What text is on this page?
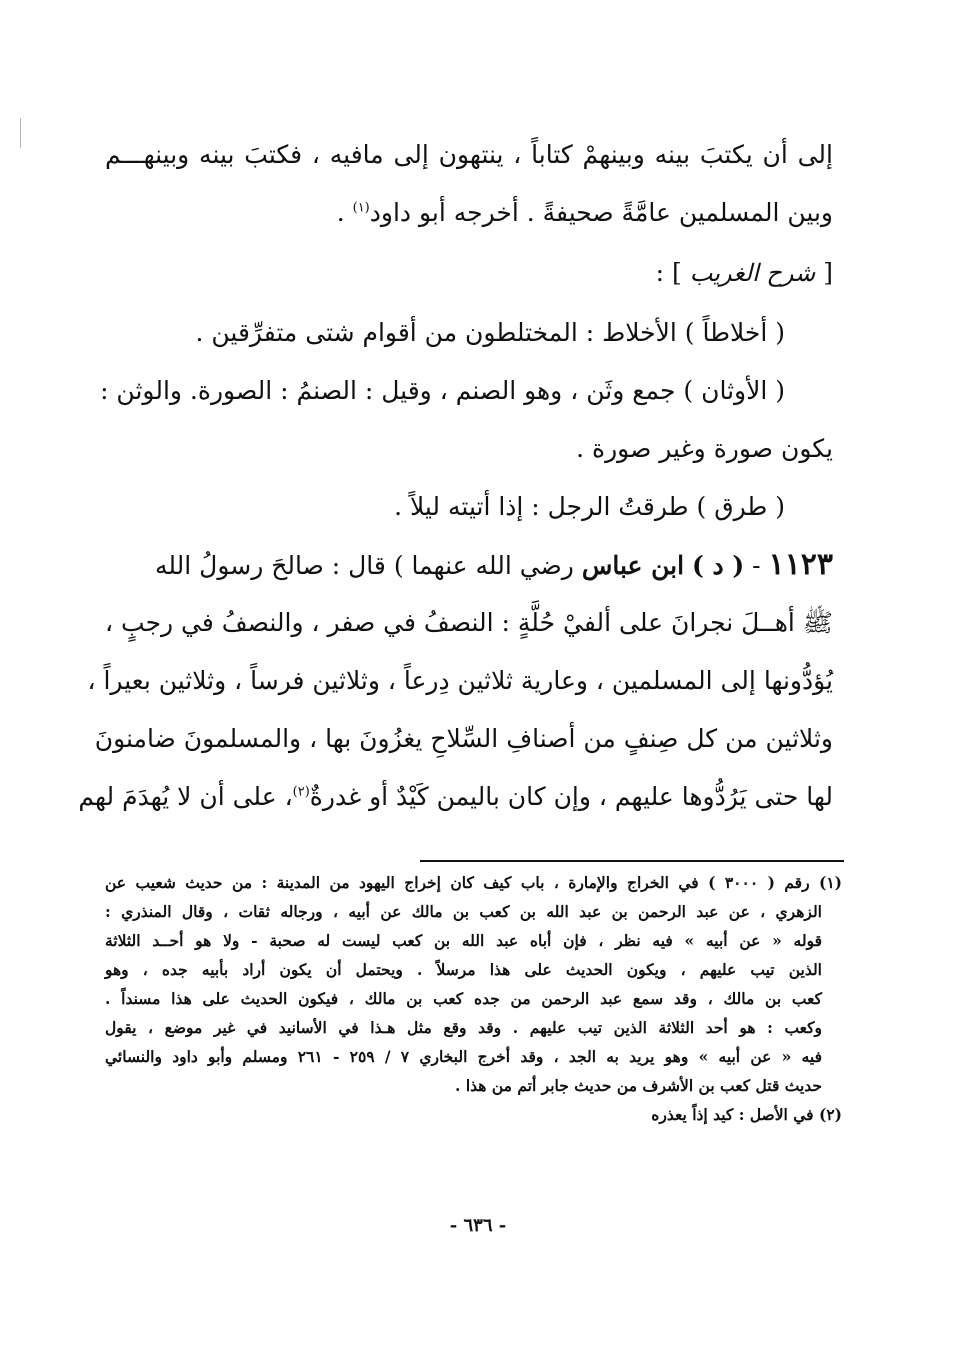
إلى أن يكتبَ بينه وبينهمْ كتاباً ، ينتهون إلى مافيه ، فكتبَ بينه وبينهـــم
وبين المسلمين عامَّةً صحيفةً . أخرجه أبو داود$^{(١)}$ .
[ شرح الغريب ] :
( أخلاطاً ) الأخلاط : المختلطون من أقوام شتى متفرِّقين .
( الأوثان ) جمع وثَن ، وهو الصنم ، وقيل : الصنمُ : الصورة. والوثن :
يكون صورة وغير صورة .
( طرق ) طرقتُ الرجل : إذا أتيته ليلاً .
١١٢٣ - ( د ) ابن عباس رضي الله عنهما ) قال : صالحَ رسولُ الله
ﷺ أهــلَ نجرانَ على ألفيْ حُلَّةٍ : النصفُ في صفر ، والنصفُ في رجبٍ ،
يُؤدُّونها إلى المسلمين ، وعارية ثلاثين دِرعاً ، وثلاثين فرساً ، وثلاثين بعيراً ،
وثلاثين من كل صِنفٍ من أصنافِ السِّلاحِ يغزُونَ بها ، والمسلمونَ ضامنونَ
لها حتى يَرُدُّوها عليهم ، وإن كان باليمن كَيْدٌ أو غدرةٌ$^{(٢)}$، على أن لا يُهدَمَ لهم
(١) رقم ( ٣٠٠٠ ) في الخراج والإمارة ، باب كيف كان إخراج اليهود من المدينة : من حديث شعيب عن
الزهري ، عن عبد الرحمن بن عبد الله بن كعب بن مالك عن أبيه ، ورجاله ثقات ، وقال المنذري :
قوله « عن أبيه » فيه نظر ، فإن أباه عبد الله بن كعب ليست له صحبة - ولا هو أحــد الثلاثة
الذين تيب عليهم ، ويكون الحديث على هذا مرسلاً . ويحتمل أن يكون أراد بأبيه جده ، وهو
كعب بن مالك ، وقد سمع عبد الرحمن من جده كعب بن مالك ، فيكون الحديث على هذا مسنداً .
وكعب : هو أحد الثلاثة الذين تيب عليهم . وقد وقع مثل هـذا في الأسانيد في غير موضع ، يقول
فيه « عن أبيه » وهو يريد به الجد ، وقد أخرج البخاري ٧ / ٢٥٩ - ٢٦١ ومسلم وأبو داود والنسائي
حديث قتل كعب بن الأشرف من حديث جابر أتم من هذا .
(٢) في الأصل : كيد إذاً يعذره
- ٦٣٦ -
